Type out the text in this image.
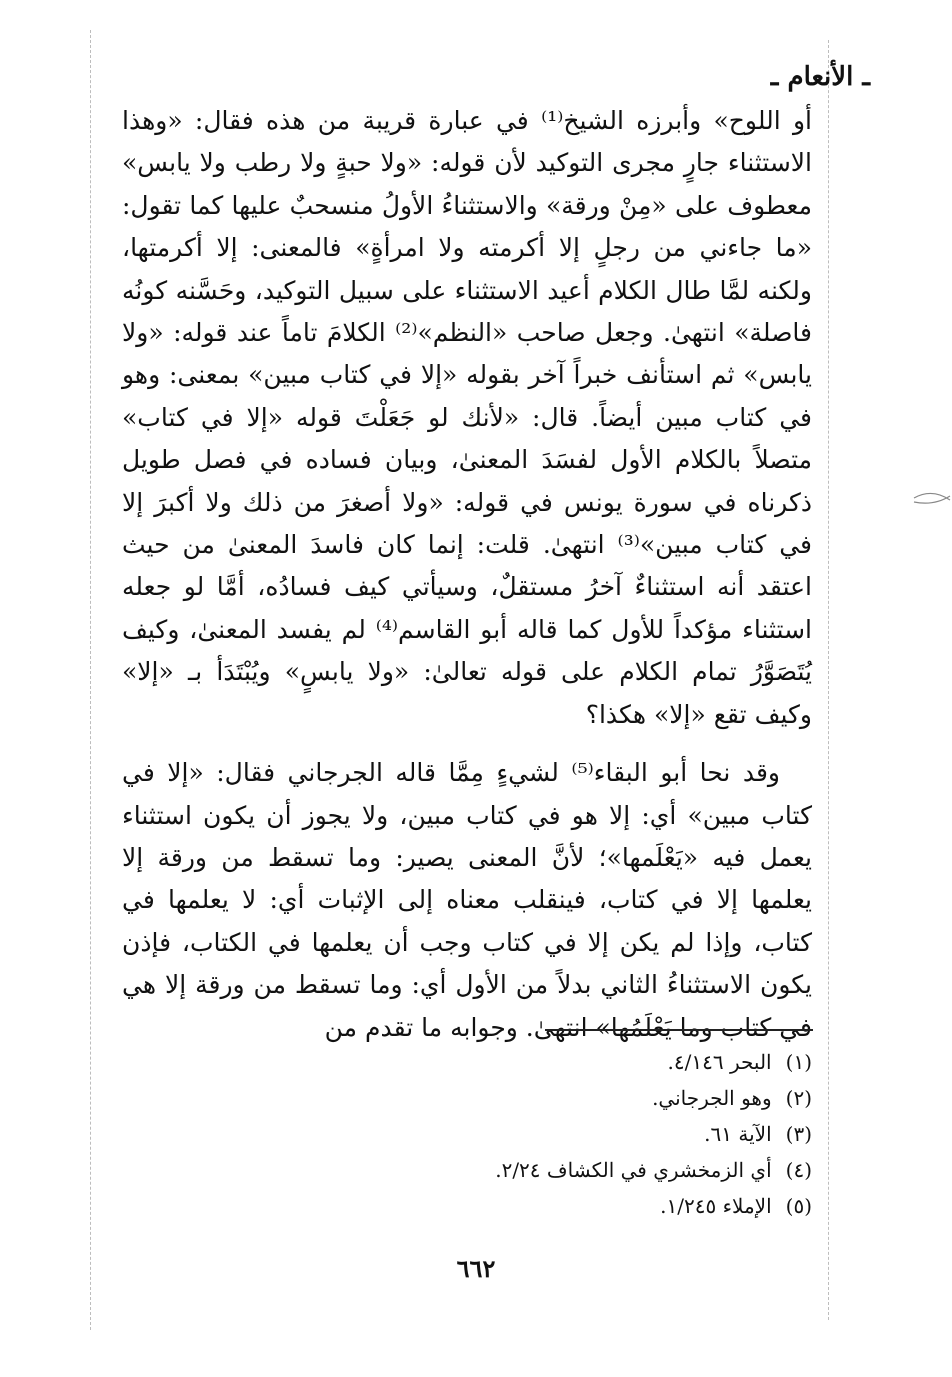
ـ الأنعام ـ

أو اللوح» وأبرزه الشيخ⁽¹⁾ في عبارة قريبة من هذه فقال: «وهذا الاستثناء جارٍ مجرى التوكيد لأن قوله: «ولا حبةٍ ولا رطب ولا يابس» معطوف على «مِنْ ورقة» والاستثناءُ الأولُ منسحبٌ عليها كما تقول: «ما جاءني من رجلٍ إلا أكرمته ولا امرأةٍ» فالمعنى: إلا أكرمتها، ولكنه لمَّا طال الكلام أعيد الاستثناء على سبيل التوكيد، وحَسَّنه كونُه فاصلة» انتهىٰ. وجعل صاحب «النظم»⁽²⁾ الكلامَ تاماً عند قوله: «ولا يابس» ثم استأنف خبراً آخر بقوله «إلا في كتاب مبين» بمعنى: وهو في كتاب مبين أيضاً. قال: «لأنك لو جَعَلْتَ قوله «إلا في كتاب» متصلاً بالكلام الأول لفسَدَ المعنىٰ، وبيان فساده في فصل طويل ذكرناه في سورة يونس في قوله: «ولا أصغرَ من ذلك ولا أكبرَ إلا في كتاب مبين»⁽³⁾ انتهىٰ. قلت: إنما كان فاسدَ المعنىٰ من حيث اعتقد أنه استثناءٌ آخرُ مستقلٌ، وسيأتي كيف فسادُه، أمَّا لو جعله استثناء مؤكداً للأول كما قاله أبو القاسم⁽⁴⁾ لم يفسد المعنىٰ، وكيف يُتَصَوَّرُ تمام الكلام على قوله تعالىٰ: «ولا يابسٍ» ويُبْتَدَأ بـ «إلا» وكيف تقع «إلا» هكذا؟

وقد نحا أبو البقاء⁽⁵⁾ لشيءٍ مِمَّا قاله الجرجاني فقال: «إلا في كتاب مبين» أي: إلا هو في كتاب مبين، ولا يجوز أن يكون استثناء يعمل فيه «يَعْلَمها»؛ لأنَّ المعنى يصير: وما تسقط من ورقة إلا يعلمها إلا في كتاب، فينقلب معناه إلى الإثبات أي: لا يعلمها في كتاب، وإذا لم يكن إلا في كتاب وجب أن يعلمها في الكتاب، فإذن يكون الاستثناءُ الثاني بدلاً من الأول أي: وما تسقط من ورقة إلا هي في كتاب وما يَعْلَمُها» انتهىٰ. وجوابه ما تقدم من

(١)البحر ٤/١٤٦.
(٢)وهو الجرجاني.
(٣)الآية ٦١.
(٤)أي الزمخشري في الكشاف ٢/٢٤.
(٥)الإملاء ١/٢٤٥.
٦٦٢
